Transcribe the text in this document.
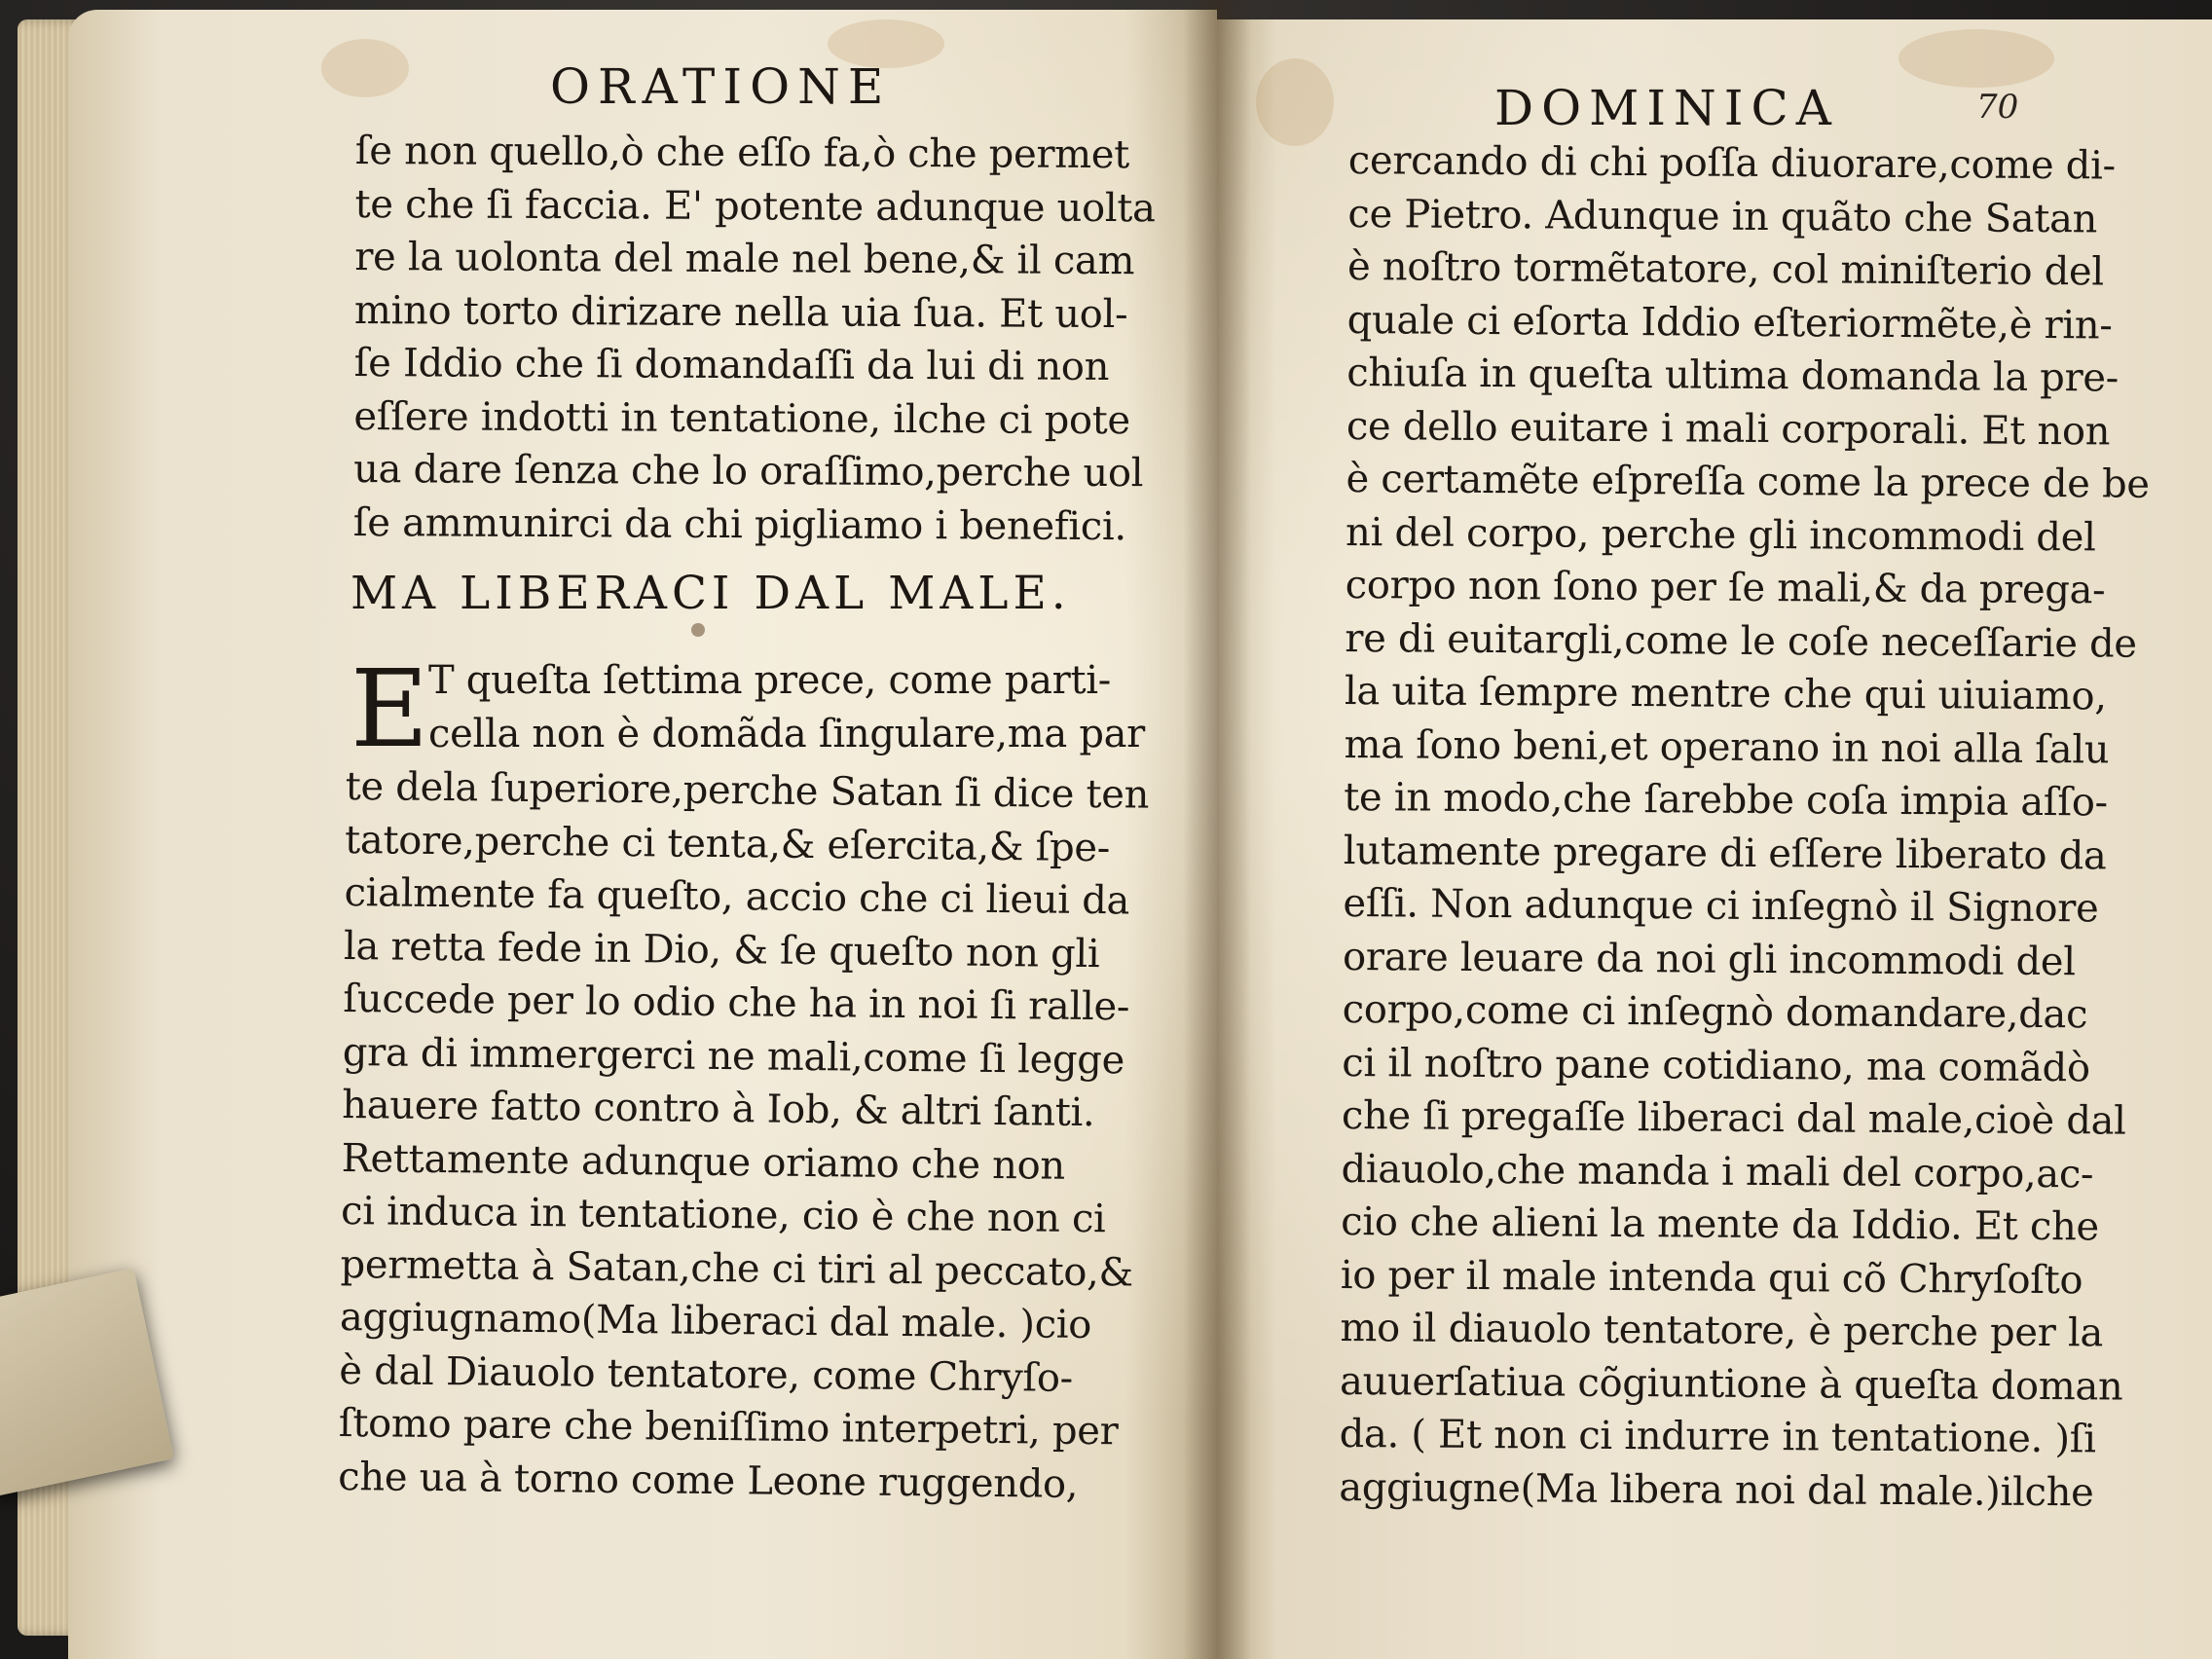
ORATIONE
ſe non quello,ò che eſſo fa,ò che permet
te che ſi faccia. E' potente adunque uolta
re la uolonta del male nel bene,& il cam
mino torto dirizare nella uia ſua. Et uol-
ſe Iddio che ſi domandaſſi da lui di non
eſſere indotti in tentatione, ilche ci pote
ua dare ſenza che lo oraſſimo,perche uol
ſe ammunirci da chi pigliamo i benefici.
MA LIBERACI DAL MALE.
E T queſta ſettima prece, come parti-
cella non è domãda ſingulare,ma par
te dela ſuperiore,perche Satan ſi dice ten
tatore,perche ci tenta,& eſercita,& ſpe-
cialmente fa queſto, accio che ci lieui da
la retta fede in Dio, & ſe queſto non gli
ſuccede per lo odio che ha in noi ſi ralle-
gra di immergerci ne mali,come ſi legge
hauere fatto contro à Iob, & altri ſanti.
Rettamente adunque oriamo che non
ci induca in tentatione, cio è che non ci
permetta à Satan,che ci tiri al peccato,&
aggiugnamo(Ma liberaci dal male. )cio
è dal Diauolo tentatore, come Chryſo-
ſtomo pare che beniſſimo interpetri, per
che ua à torno come Leone ruggendo,
DOMINICA	70
cercando di chi poſſa diuorare,come di-
ce Pietro. Adunque in quãto che Satan
è noſtro tormẽtatore, col miniſterio del
quale ci eſorta Iddio eſteriormẽte,è rin-
chiuſa in queſta ultima domanda la pre-
ce dello euitare i mali corporali. Et non
è certamẽte eſpreſſa come la prece de be
ni del corpo, perche gli incommodi del
corpo non ſono per ſe mali,& da prega-
re di euitargli,come le coſe neceſſarie de
la uita ſempre mentre che qui uiuiamo,
ma ſono beni,et operano in noi alla ſalu
te in modo,che ſarebbe coſa impia aſſo-
lutamente pregare di eſſere liberato da
eſſi. Non adunque ci inſegnò il Signore
orare leuare da noi gli incommodi del
corpo,come ci inſegnò domandare,dac
ci il noſtro pane cotidiano, ma comãdò
che ſi pregaſſe liberaci dal male,cioè dal
diauolo,che manda i mali del corpo,ac-
cio che alieni la mente da Iddio. Et che
io per il male intenda qui cõ Chryſoſto
mo il diauolo tentatore, è perche per la
auuerſatiua cõgiuntione à queſta doman
da. ( Et non ci indurre in tentatione. )ſi
aggiugne(Ma libera noi dal male.)ilche
